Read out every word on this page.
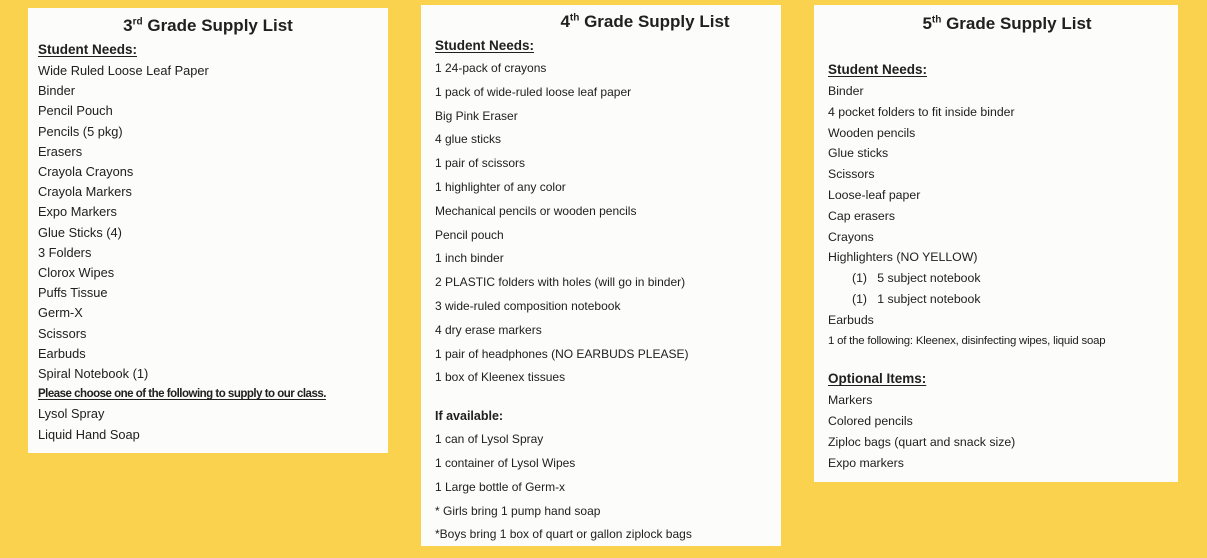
3rd Grade Supply List
Student Needs:
Wide Ruled Loose Leaf Paper
Binder
Pencil Pouch
Pencils (5 pkg)
Erasers
Crayola Crayons
Crayola Markers
Expo Markers
Glue Sticks (4)
3 Folders
Clorox Wipes
Puffs Tissue
Germ-X
Scissors
Earbuds
Spiral Notebook (1)
Please choose one of the following to supply to our class.
Lysol Spray
Liquid Hand Soap
4th Grade Supply List
Student Needs:
1 24-pack of crayons
1 pack of wide-ruled loose leaf paper
Big Pink Eraser
4 glue sticks
1 pair of scissors
1 highlighter of any color
Mechanical pencils or wooden pencils
Pencil pouch
1 inch binder
2 PLASTIC folders with holes (will go in binder)
3 wide-ruled composition notebook
4 dry erase markers
1 pair of headphones (NO EARBUDS PLEASE)
1 box of Kleenex tissues
If available:
1 can of Lysol Spray
1 container of Lysol Wipes
1 Large bottle of Germ-x
* Girls bring 1 pump hand soap
*Boys bring 1 box of quart or gallon ziplock bags
5th Grade Supply List
Student Needs:
Binder
4 pocket folders to fit inside binder
Wooden pencils
Glue sticks
Scissors
Loose-leaf paper
Cap erasers
Crayons
Highlighters (NO YELLOW)
(1)   5 subject notebook
(1)   1 subject notebook
Earbuds
1 of the following: Kleenex, disinfecting wipes, liquid soap
Optional Items:
Markers
Colored pencils
Ziploc bags (quart and snack size)
Expo markers
